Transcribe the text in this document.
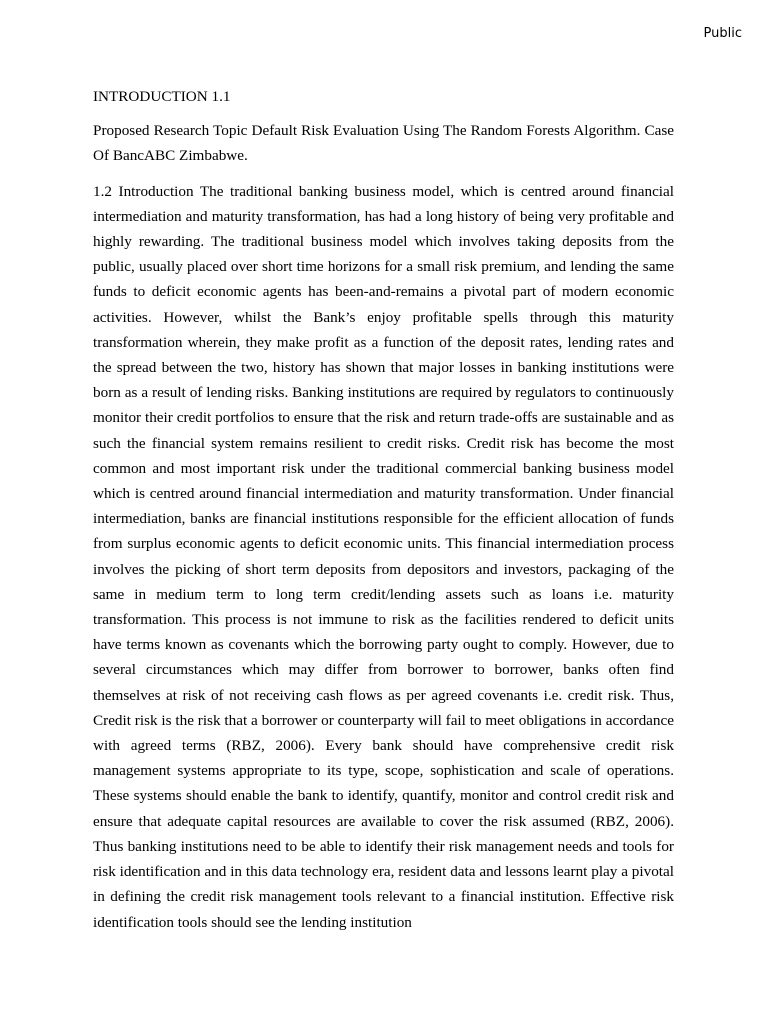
Public

INTRODUCTION 1.1

Proposed Research Topic Default Risk Evaluation Using The Random Forests Algorithm. Case Of BancABC Zimbabwe.

1.2 Introduction The traditional banking business model, which is centred around financial intermediation and maturity transformation, has had a long history of being very profitable and highly rewarding. The traditional business model which involves taking deposits from the public, usually placed over short time horizons for a small risk premium, and lending the same funds to deficit economic agents has been-and-remains a pivotal part of modern economic activities. However, whilst the Bank’s enjoy profitable spells through this maturity transformation wherein, they make profit as a function of the deposit rates, lending rates and the spread between the two, history has shown that major losses in banking institutions were born as a result of lending risks. Banking institutions are required by regulators to continuously monitor their credit portfolios to ensure that the risk and return trade-offs are sustainable and as such the financial system remains resilient to credit risks. Credit risk has become the most common and most important risk under the traditional commercial banking business model which is centred around financial intermediation and maturity transformation. Under financial intermediation, banks are financial institutions responsible for the efficient allocation of funds from surplus economic agents to deficit economic units. This financial intermediation process involves the picking of short term deposits from depositors and investors, packaging of the same in medium term to long term credit/lending assets such as loans i.e. maturity transformation. This process is not immune to risk as the facilities rendered to deficit units have terms known as covenants which the borrowing party ought to comply. However, due to several circumstances which may differ from borrower to borrower, banks often find themselves at risk of not receiving cash flows as per agreed covenants i.e. credit risk. Thus, Credit risk is the risk that a borrower or counterparty will fail to meet obligations in accordance with agreed terms (RBZ, 2006). Every bank should have comprehensive credit risk management systems appropriate to its type, scope, sophistication and scale of operations. These systems should enable the bank to identify, quantify, monitor and control credit risk and ensure that adequate capital resources are available to cover the risk assumed (RBZ, 2006). Thus banking institutions need to be able to identify their risk management needs and tools for risk identification and in this data technology era, resident data and lessons learnt play a pivotal in defining the credit risk management tools relevant to a financial institution. Effective risk identification tools should see the lending institution
